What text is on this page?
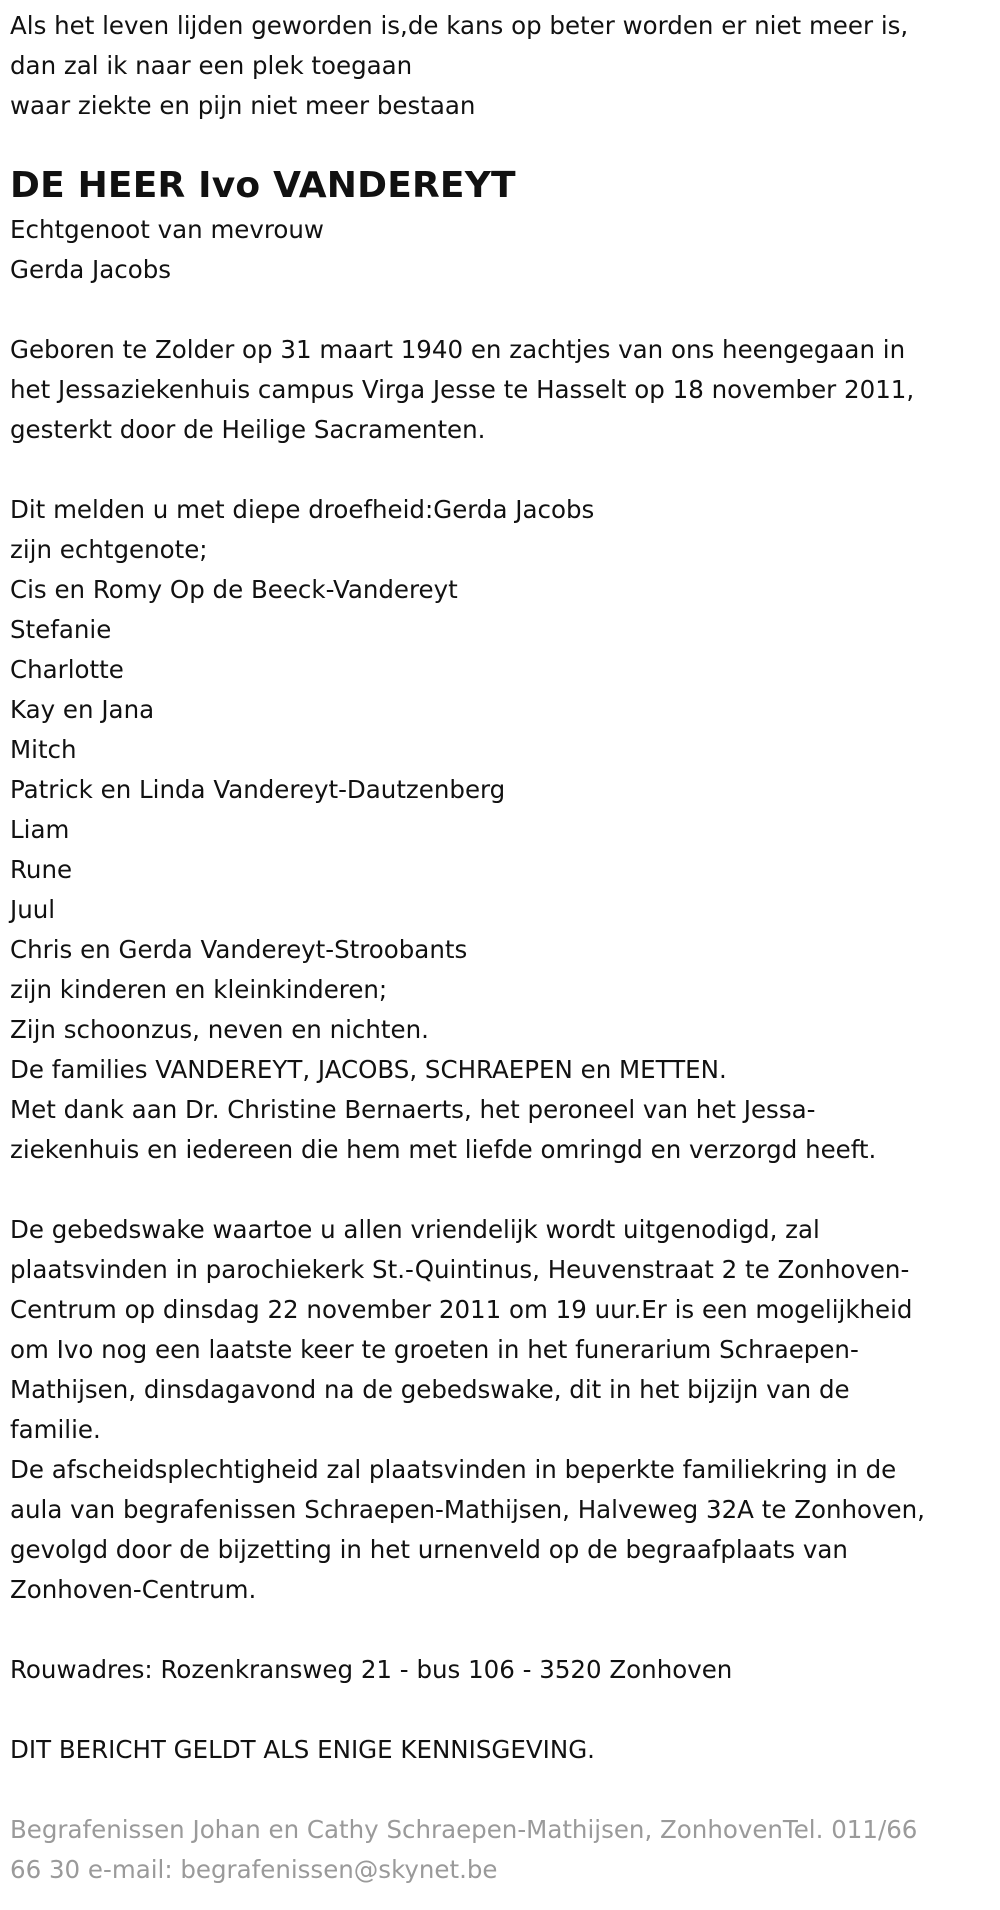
Als het leven lijden geworden is,de kans op beter worden er niet meer is,
dan zal ik naar een plek toegaan
waar ziekte en pijn niet meer bestaan
DE HEER Ivo VANDEREYT
Echtgenoot van mevrouw
Gerda Jacobs
Geboren te Zolder op 31 maart 1940 en zachtjes van ons heengegaan in
het Jessaziekenhuis campus Virga Jesse te Hasselt op 18 november 2011,
gesterkt door de Heilige Sacramenten.
Dit melden u met diepe droefheid:Gerda Jacobs
zijn echtgenote;
Cis en Romy Op de Beeck-Vandereyt
Stefanie
Charlotte
Kay en Jana
Mitch
Patrick en Linda Vandereyt-Dautzenberg
Liam
Rune
Juul
Chris en Gerda Vandereyt-Stroobants
zijn kinderen en kleinkinderen;
Zijn schoonzus, neven en nichten.
De families VANDEREYT, JACOBS, SCHRAEPEN en METTEN.
Met dank aan Dr. Christine Bernaerts, het peroneel van het Jessa-
ziekenhuis en iedereen die hem met liefde omringd en verzorgd heeft.
De gebedswake waartoe u allen vriendelijk wordt uitgenodigd, zal
plaatsvinden in parochiekerk St.-Quintinus, Heuvenstraat 2 te Zonhoven-
Centrum op dinsdag 22 november 2011 om 19 uur.Er is een mogelijkheid
om Ivo nog een laatste keer te groeten in het funerarium Schraepen-
Mathijsen, dinsdagavond na de gebedswake, dit in het bijzijn van de
familie.
De afscheidsplechtigheid zal plaatsvinden in beperkte familiekring in de
aula van begrafenissen Schraepen-Mathijsen, Halveweg 32A te Zonhoven,
gevolgd door de bijzetting in het urnenveld op de begraafplaats van
Zonhoven-Centrum.
Rouwadres: Rozenkransweg 21 - bus 106 - 3520 Zonhoven
DIT BERICHT GELDT ALS ENIGE KENNISGEVING.
Begrafenissen Johan en Cathy Schraepen-Mathijsen, ZonhovenTel. 011/66
66 30 e-mail: begrafenissen@skynet.be
